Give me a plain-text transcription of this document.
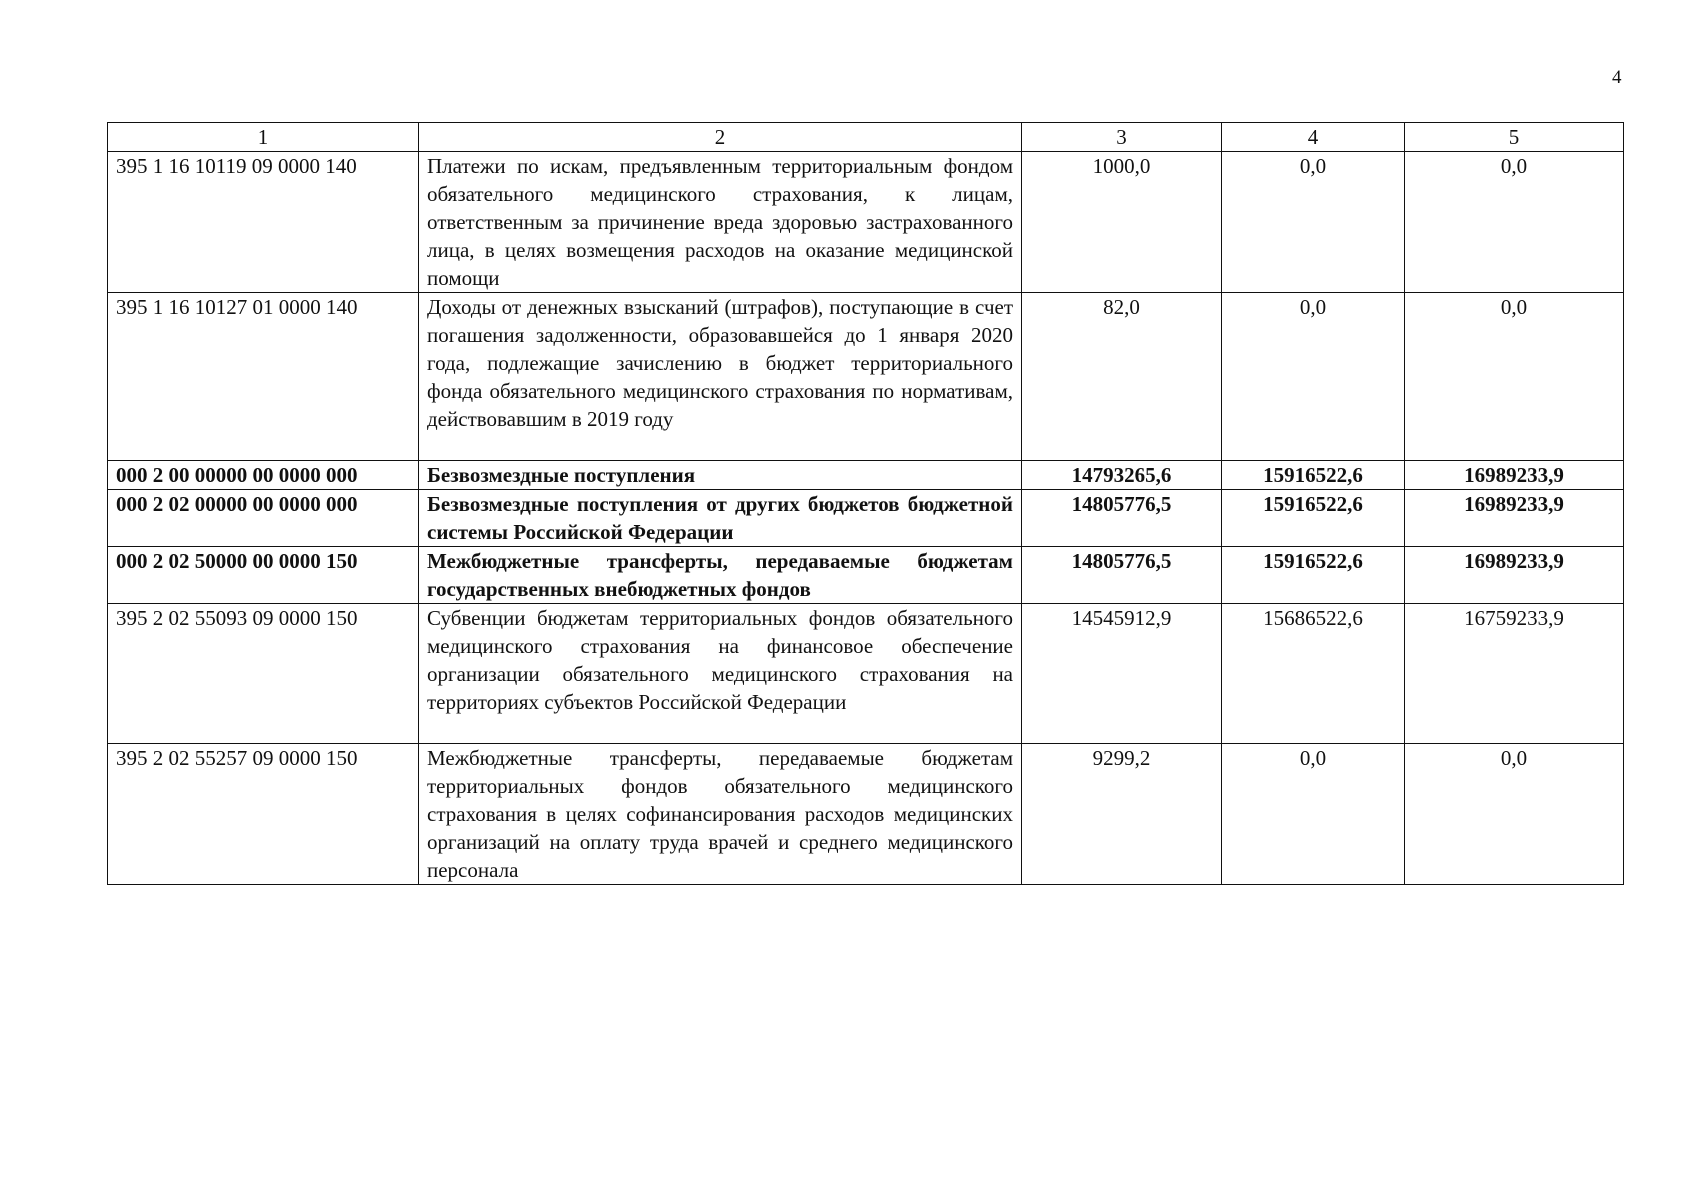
4
1	2	3	4	5
395 1 16 10119 09 0000 140	Платежи по искам, предъявленным территориальным фондом обязательного медицинского страхования, к лицам, ответственным за причинение вреда здоровью застрахованного лица, в целях возмещения расходов на оказание медицинской помощи	1000,0	0,0	0,0
395 1 16 10127 01 0000 140	Доходы от денежных взысканий (штрафов), поступающие в счет погашения задолженности, образовавшейся до 1 января 2020 года, подлежащие зачислению в бюджет территориального фонда обязательного медицинского страхования по нормативам, действовавшим в 2019 году	82,0	0,0	0,0
000 2 00 00000 00 0000 000	Безвозмездные поступления	14793265,6	15916522,6	16989233,9
000 2 02 00000 00 0000 000	Безвозмездные поступления от других бюджетов бюджетной системы Российской Федерации	14805776,5	15916522,6	16989233,9
000 2 02 50000 00 0000 150	Межбюджетные трансферты, передаваемые бюджетам государственных внебюджетных фондов	14805776,5	15916522,6	16989233,9
395 2 02 55093 09 0000 150	Субвенции бюджетам территориальных фондов обязательного медицинского страхования на финансовое обеспечение организации обязательного медицинского страхования на территориях субъектов Российской Федерации	14545912,9	15686522,6	16759233,9
395 2 02 55257 09 0000 150	Межбюджетные трансферты, передаваемые бюджетам территориальных фондов обязательного медицинского страхования в целях софинансирования расходов медицинских организаций на оплату труда врачей и среднего медицинского персонала	9299,2	0,0	0,0
